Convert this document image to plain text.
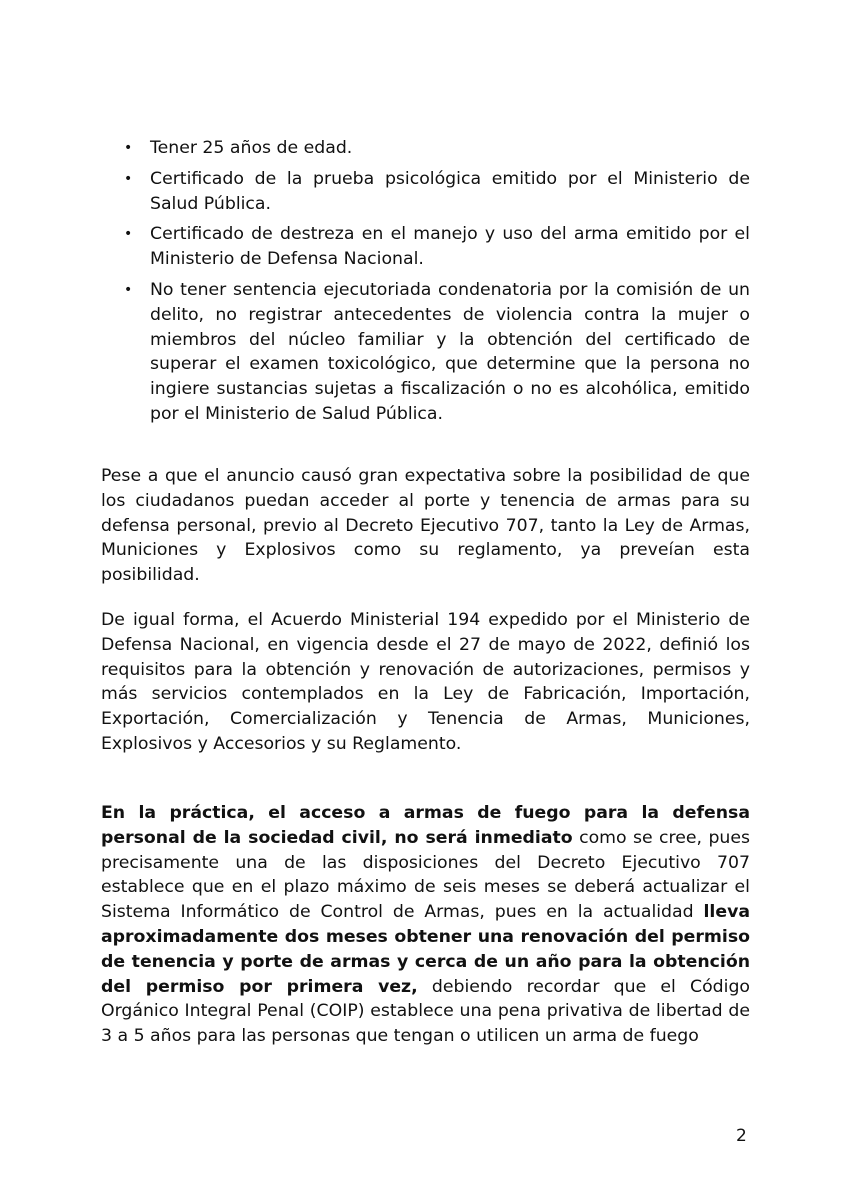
• Tener 25 años de edad.
• Certificado de la prueba psicológica emitido por el Ministerio de Salud Pública.
• Certificado de destreza en el manejo y uso del arma emitido por el Ministerio de Defensa Nacional.
• No tener sentencia ejecutoriada condenatoria por la comisión de un delito, no registrar antecedentes de violencia contra la mujer o miembros del núcleo familiar y la obtención del certificado de superar el examen toxicológico, que determine que la persona no ingiere sustancias sujetas a fiscalización o no es alcohólica, emitido por el Ministerio de Salud Pública.

Pese a que el anuncio causó gran expectativa sobre la posibilidad de que los ciudadanos puedan acceder al porte y tenencia de armas para su defensa personal, previo al Decreto Ejecutivo 707, tanto la Ley de Armas, Municiones y Explosivos como su reglamento, ya preveían esta posibilidad.

De igual forma, el Acuerdo Ministerial 194 expedido por el Ministerio de Defensa Nacional, en vigencia desde el 27 de mayo de 2022, definió los requisitos para la obtención y renovación de autorizaciones, permisos y más servicios contemplados en la Ley de Fabricación, Importación, Exportación, Comercialización y Tenencia de Armas, Municiones, Explosivos y Accesorios y su Reglamento.

En la práctica, el acceso a armas de fuego para la defensa personal de la sociedad civil, no será inmediato como se cree, pues precisamente una de las disposiciones del Decreto Ejecutivo 707 establece que en el plazo máximo de seis meses se deberá actualizar el Sistema Informático de Control de Armas, pues en la actualidad lleva aproximadamente dos meses obtener una renovación del permiso de tenencia y porte de armas y cerca de un año para la obtención del permiso por primera vez, debiendo recordar que el Código Orgánico Integral Penal (COIP) establece una pena privativa de libertad de 3 a 5 años para las personas que tengan o utilicen un arma de fuego

2
